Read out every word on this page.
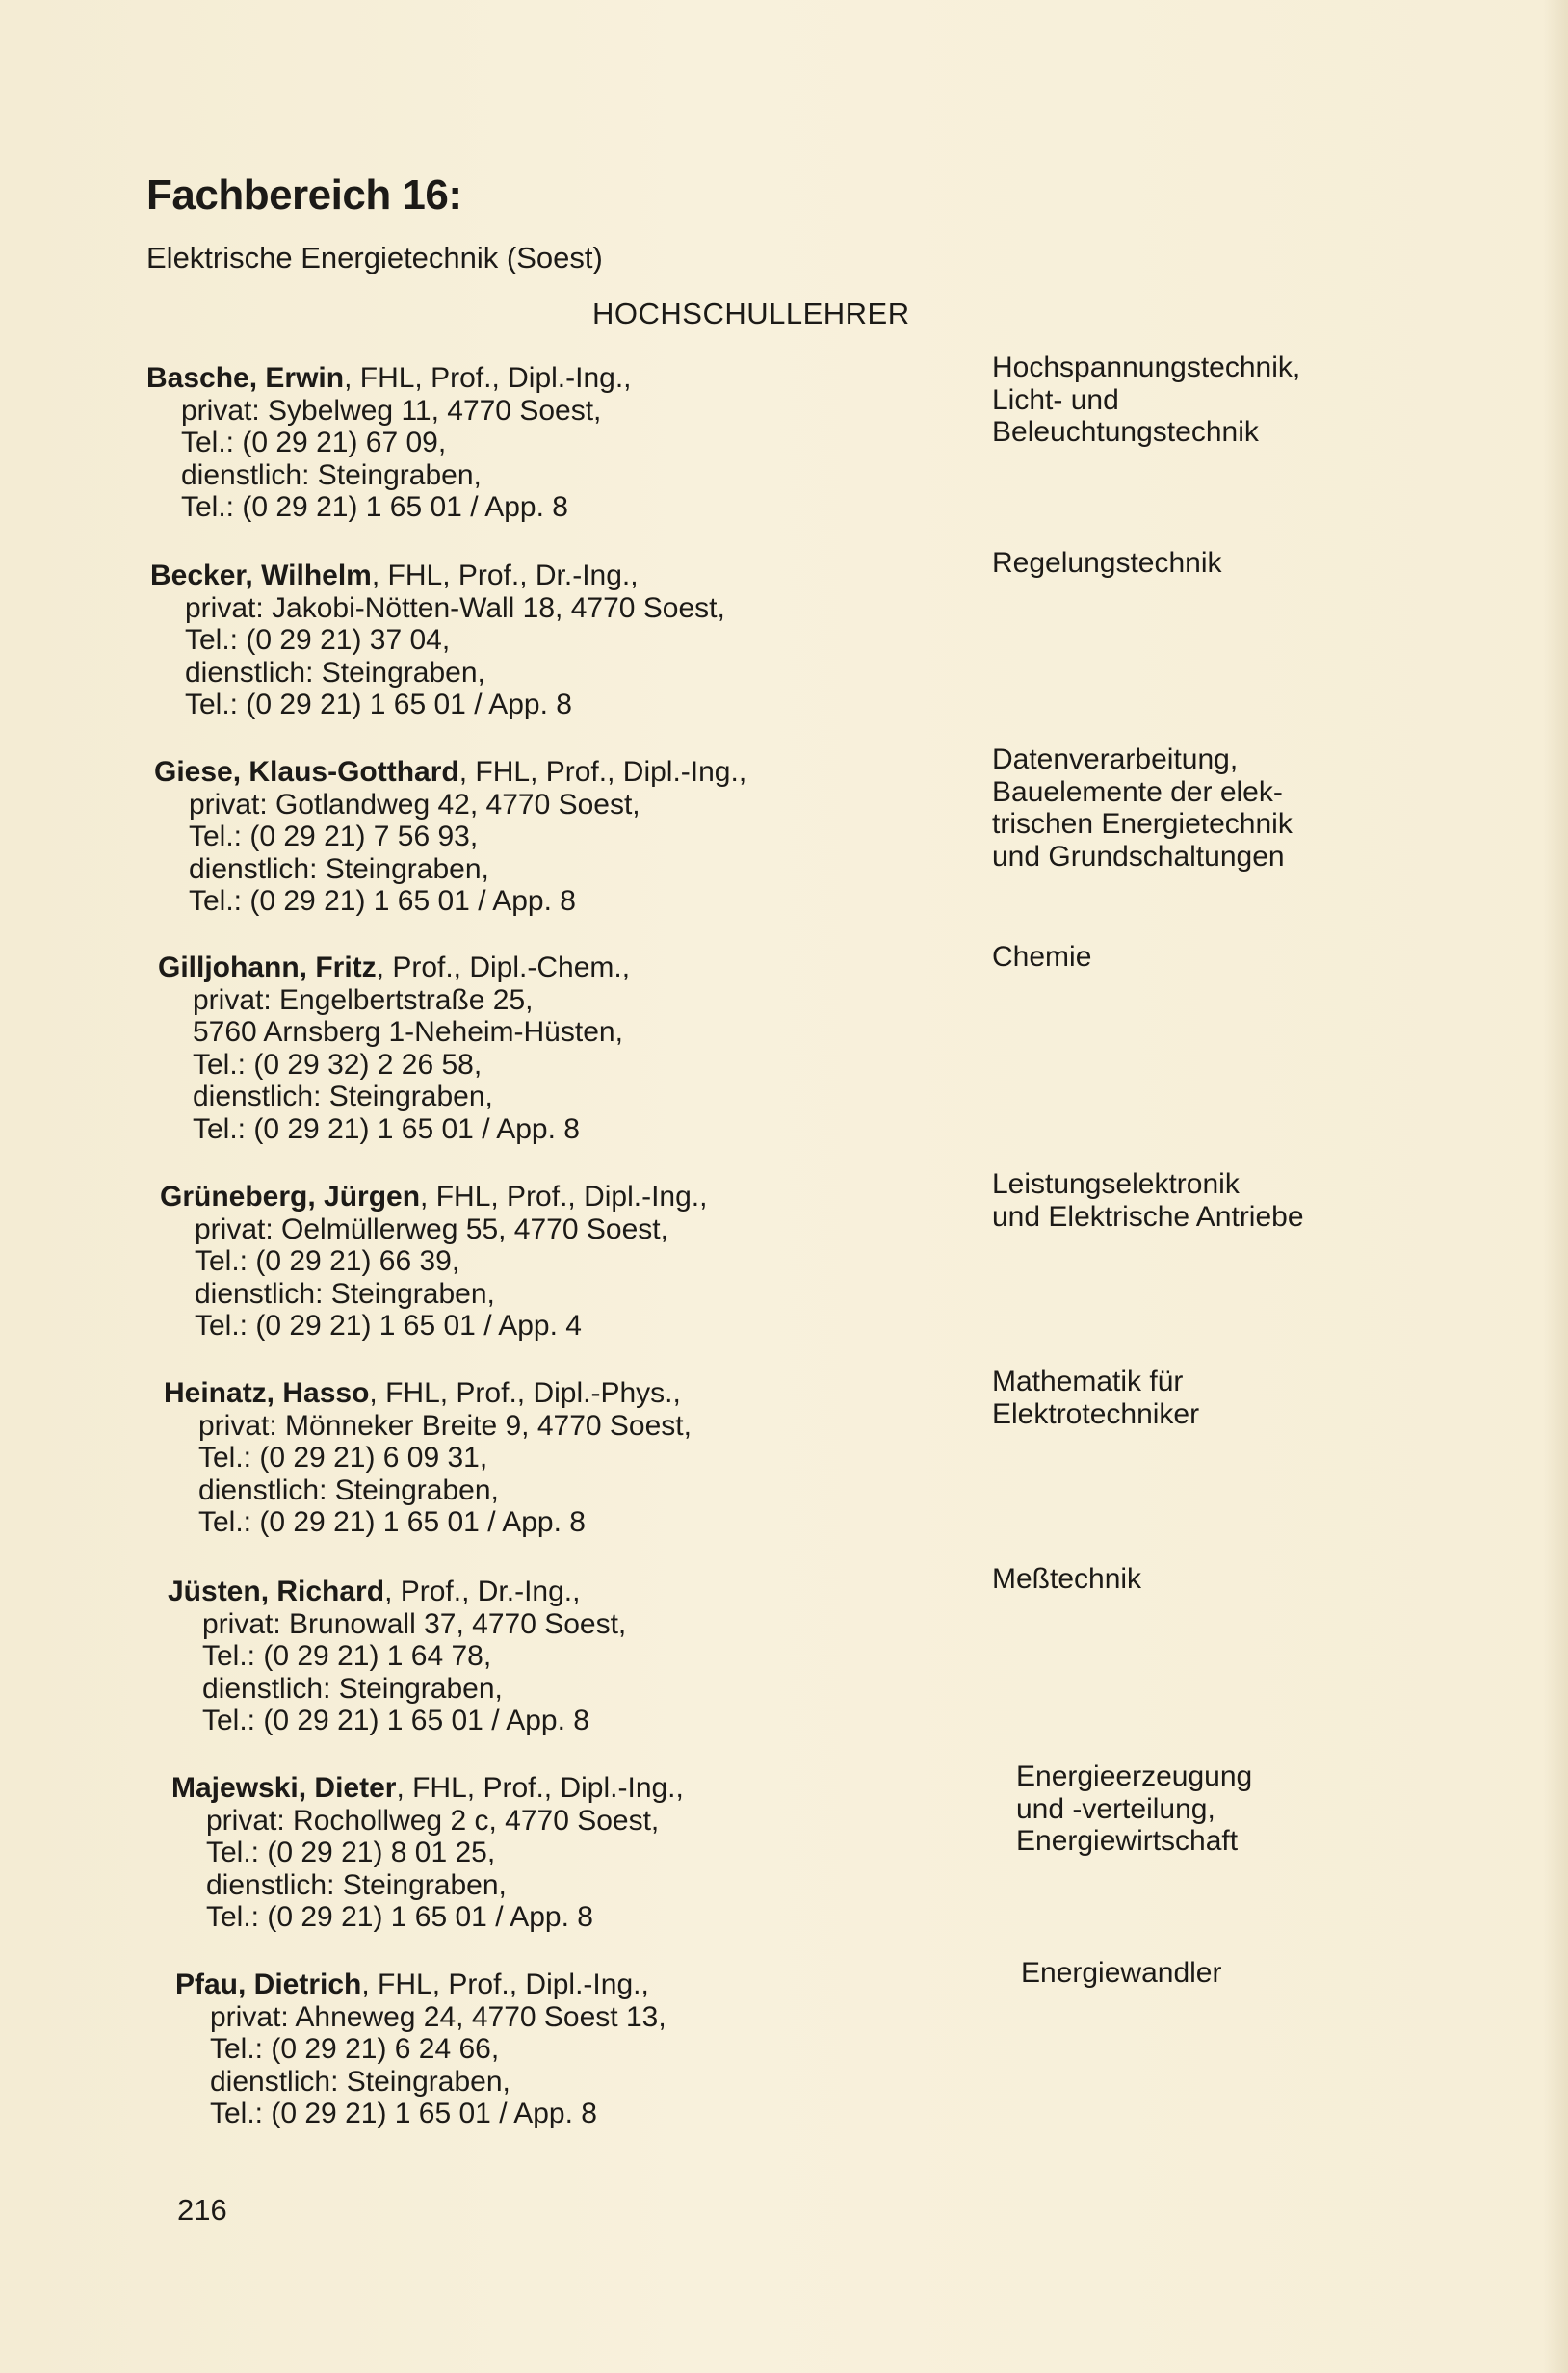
Fachbereich 16:
Elektrische Energietechnik (Soest)
HOCHSCHULLEHRER
Basche, Erwin, FHL, Prof., Dipl.-Ing.,
privat: Sybelweg 11, 4770 Soest,
Tel.: (0 29 21) 67 09,
dienstlich: Steingraben,
Tel.: (0 29 21) 1 65 01 / App. 8
Hochspannungstechnik,
Licht- und
Beleuchtungstechnik
Becker, Wilhelm, FHL, Prof., Dr.-Ing.,
privat: Jakobi-Nötten-Wall 18, 4770 Soest,
Tel.: (0 29 21) 37 04,
dienstlich: Steingraben,
Tel.: (0 29 21) 1 65 01 / App. 8
Regelungstechnik
Giese, Klaus-Gotthard, FHL, Prof., Dipl.-Ing.,
privat: Gotlandweg 42, 4770 Soest,
Tel.: (0 29 21) 7 56 93,
dienstlich: Steingraben,
Tel.: (0 29 21) 1 65 01 / App. 8
Datenverarbeitung,
Bauelemente der elek-
trischen Energietechnik
und Grundschaltungen
Gilljohann, Fritz, Prof., Dipl.-Chem.,
privat: Engelbertstraße 25,
5760 Arnsberg 1-Neheim-Hüsten,
Tel.: (0 29 32) 2 26 58,
dienstlich: Steingraben,
Tel.: (0 29 21) 1 65 01 / App. 8
Chemie
Grüneberg, Jürgen, FHL, Prof., Dipl.-Ing.,
privat: Oelmüllerweg 55, 4770 Soest,
Tel.: (0 29 21) 66 39,
dienstlich: Steingraben,
Tel.: (0 29 21) 1 65 01 / App. 4
Leistungselektronik
und Elektrische Antriebe
Heinatz, Hasso, FHL, Prof., Dipl.-Phys.,
privat: Mönneker Breite 9, 4770 Soest,
Tel.: (0 29 21) 6 09 31,
dienstlich: Steingraben,
Tel.: (0 29 21) 1 65 01 / App. 8
Mathematik für
Elektrotechniker
Jüsten, Richard, Prof., Dr.-Ing.,
privat: Brunowall 37, 4770 Soest,
Tel.: (0 29 21) 1 64 78,
dienstlich: Steingraben,
Tel.: (0 29 21) 1 65 01 / App. 8
Meßtechnik
Majewski, Dieter, FHL, Prof., Dipl.-Ing.,
privat: Rochollweg 2 c, 4770 Soest,
Tel.: (0 29 21) 8 01 25,
dienstlich: Steingraben,
Tel.: (0 29 21) 1 65 01 / App. 8
Energieerzeugung
und -verteilung,
Energiewirtschaft
Pfau, Dietrich, FHL, Prof., Dipl.-Ing.,
privat: Ahneweg 24, 4770 Soest 13,
Tel.: (0 29 21) 6 24 66,
dienstlich: Steingraben,
Tel.: (0 29 21) 1 65 01 / App. 8
Energiewandler
216
